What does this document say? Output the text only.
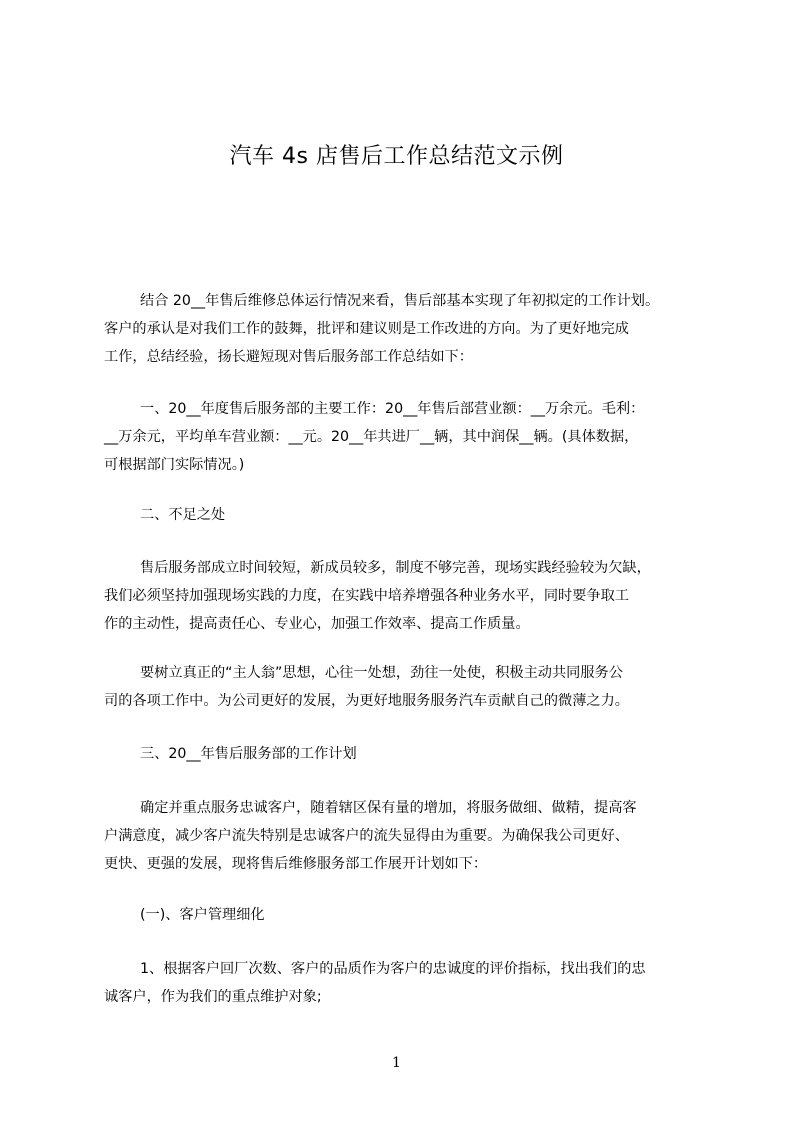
汽车 4s 店售后工作总结范文示例
结合 20__年售后维修总体运行情况来看，售后部基本实现了年初拟定的工作计划。
客户的承认是对我们工作的鼓舞，批评和建议则是工作改进的方向。为了更好地完成
工作，总结经验，扬长避短现对售后服务部工作总结如下：
一、20__年度售后服务部的主要工作：20__年售后部营业额：__万余元。毛利：
__万余元，平均单车营业额：__元。20__年共进厂__辆，其中润保__辆。(具体数据，
可根据部门实际情况。)
二、不足之处
售后服务部成立时间较短，新成员较多，制度不够完善，现场实践经验较为欠缺，
我们必须坚持加强现场实践的力度，在实践中培养增强各种业务水平，同时要争取工
作的主动性，提高责任心、专业心，加强工作效率、提高工作质量。
要树立真正的“主人翁”思想，心往一处想，劲往一处使，积极主动共同服务公
司的各项工作中。为公司更好的发展，为更好地服务服务汽车贡献自己的微薄之力。
三、20__年售后服务部的工作计划
确定并重点服务忠诚客户，随着辖区保有量的增加，将服务做细、做精，提高客
户满意度，减少客户流失特别是忠诚客户的流失显得由为重要。为确保我公司更好、
更快、更强的发展，现将售后维修服务部工作展开计划如下：
(一)、客户管理细化
1、根据客户回厂次数、客户的品质作为客户的忠诚度的评价指标，找出我们的忠
诚客户，作为我们的重点维护对象;
1
